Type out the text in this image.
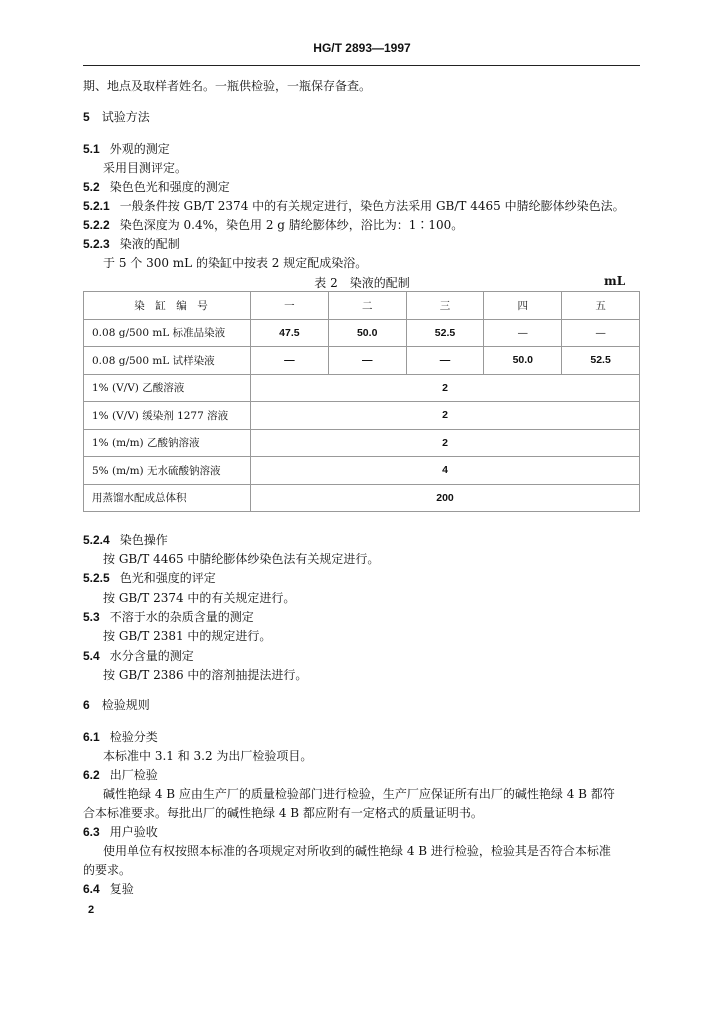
HG/T 2893—1997
期、地点及取样者姓名。一瓶供检验，一瓶保存备查。
5 试验方法
5.1 外观的测定
采用目测评定。
5.2 染色色光和强度的测定
5.2.1 一般条件按 GB/T 2374 中的有关规定进行，染色方法采用 GB/T 4465 中腈纶膨体纱染色法。
5.2.2 染色深度为 0.4%，染色用 2 g 腈纶膨体纱，浴比为：1∶100。
5.2.3 染液的配制
于 5 个 300 mL 的染缸中按表 2 规定配成染浴。
5.2.4 染色操作
按 GB/T 4465 中腈纶膨体纱染色法有关规定进行。
5.2.5 色光和强度的评定
按 GB/T 2374 中的有关规定进行。
5.3 不溶于水的杂质含量的测定
按 GB/T 2381 中的规定进行。
5.4 水分含量的测定
按 GB/T 2386 中的溶剂抽提法进行。
6 检验规则
6.1 检验分类
本标准中 3.1 和 3.2 为出厂检验项目。
6.2 出厂检验
碱性艳绿 4 B 应由生产厂的质量检验部门进行检验，生产厂应保证所有出厂的碱性艳绿 4 B 都符
合本标准要求。每批出厂的碱性艳绿 4 B 都应附有一定格式的质量证明书。
6.3 用户验收
使用单位有权按照本标准的各项规定对所收到的碱性艳绿 4 B 进行检验，检验其是否符合本标准
的要求。
6.4 复验
表 2　染液的配制	mL
染　缸　编　号	一	二	三	四	五
0.08 g/500 mL 标准品染液	47.5	50.0	52.5	—	—
0.08 g/500 mL 试样染液	—	—	—	50.0	52.5
1% (V/V) 乙酸溶液	2				
1% (V/V) 缓染剂 1277 溶液	2				
1% (m/m) 乙酸钠溶液	2				
5% (m/m) 无水硫酸钠溶液	4				
用蒸馏水配成总体积	200				
2
